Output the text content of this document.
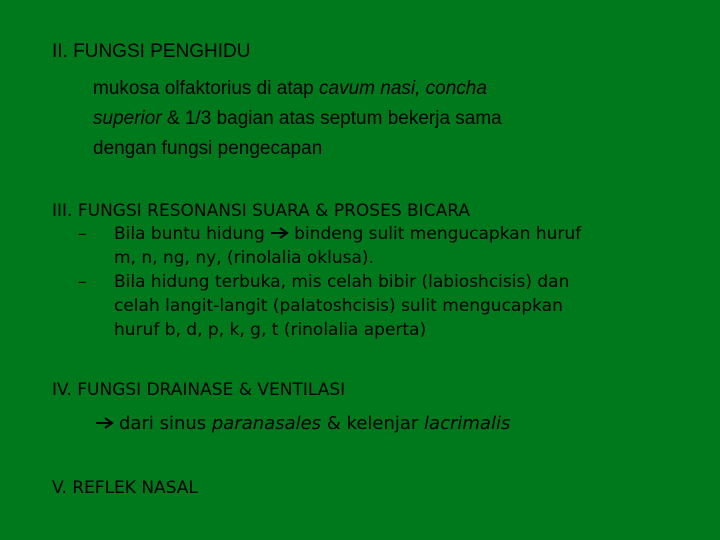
II. FUNGSI PENGHIDU
mukosa olfaktorius di atap cavum nasi, concha
superior & 1/3 bagian atas septum bekerja sama
dengan fungsi pengecapan
III. FUNGSI RESONANSI SUARA & PROSES BICARA
– Bila buntu hidung bindeng sulit mengucapkan huruf
m, n, ng, ny, (rinolalia oklusa).
– Bila hidung terbuka, mis celah bibir (labioshcisis) dan
celah langit-langit (palatoshcisis) sulit mengucapkan
huruf b, d, p, k, g, t (rinolalia aperta)
IV. FUNGSI DRAINASE & VENTILASI
dari sinus paranasales & kelenjar lacrimalis
V. REFLEK NASAL
